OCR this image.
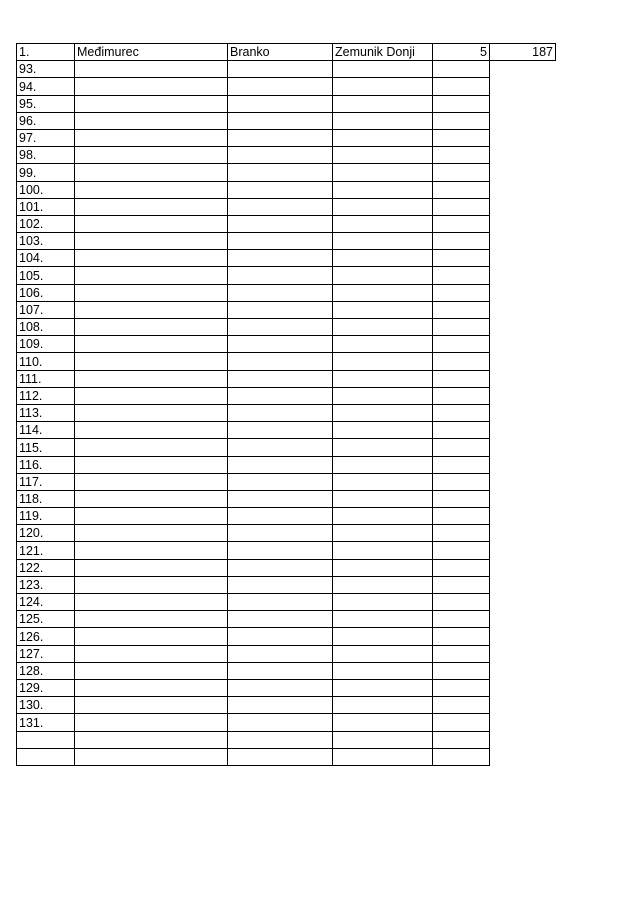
1.	Međimurec	Branko	Zemunik Donji	5	187
93.					
94.					
95.					
96.					
97.					
98.					
99.					
100.					
101.					
102.					
103.					
104.					
105.					
106.					
107.					
108.					
109.					
110.					
111.					
112.					
113.					
114.					
115.					
116.					
117.					
118.					
119.					
120.					
121.					
122.					
123.					
124.					
125.					
126.					
127.					
128.					
129.					
130.					
131.					
